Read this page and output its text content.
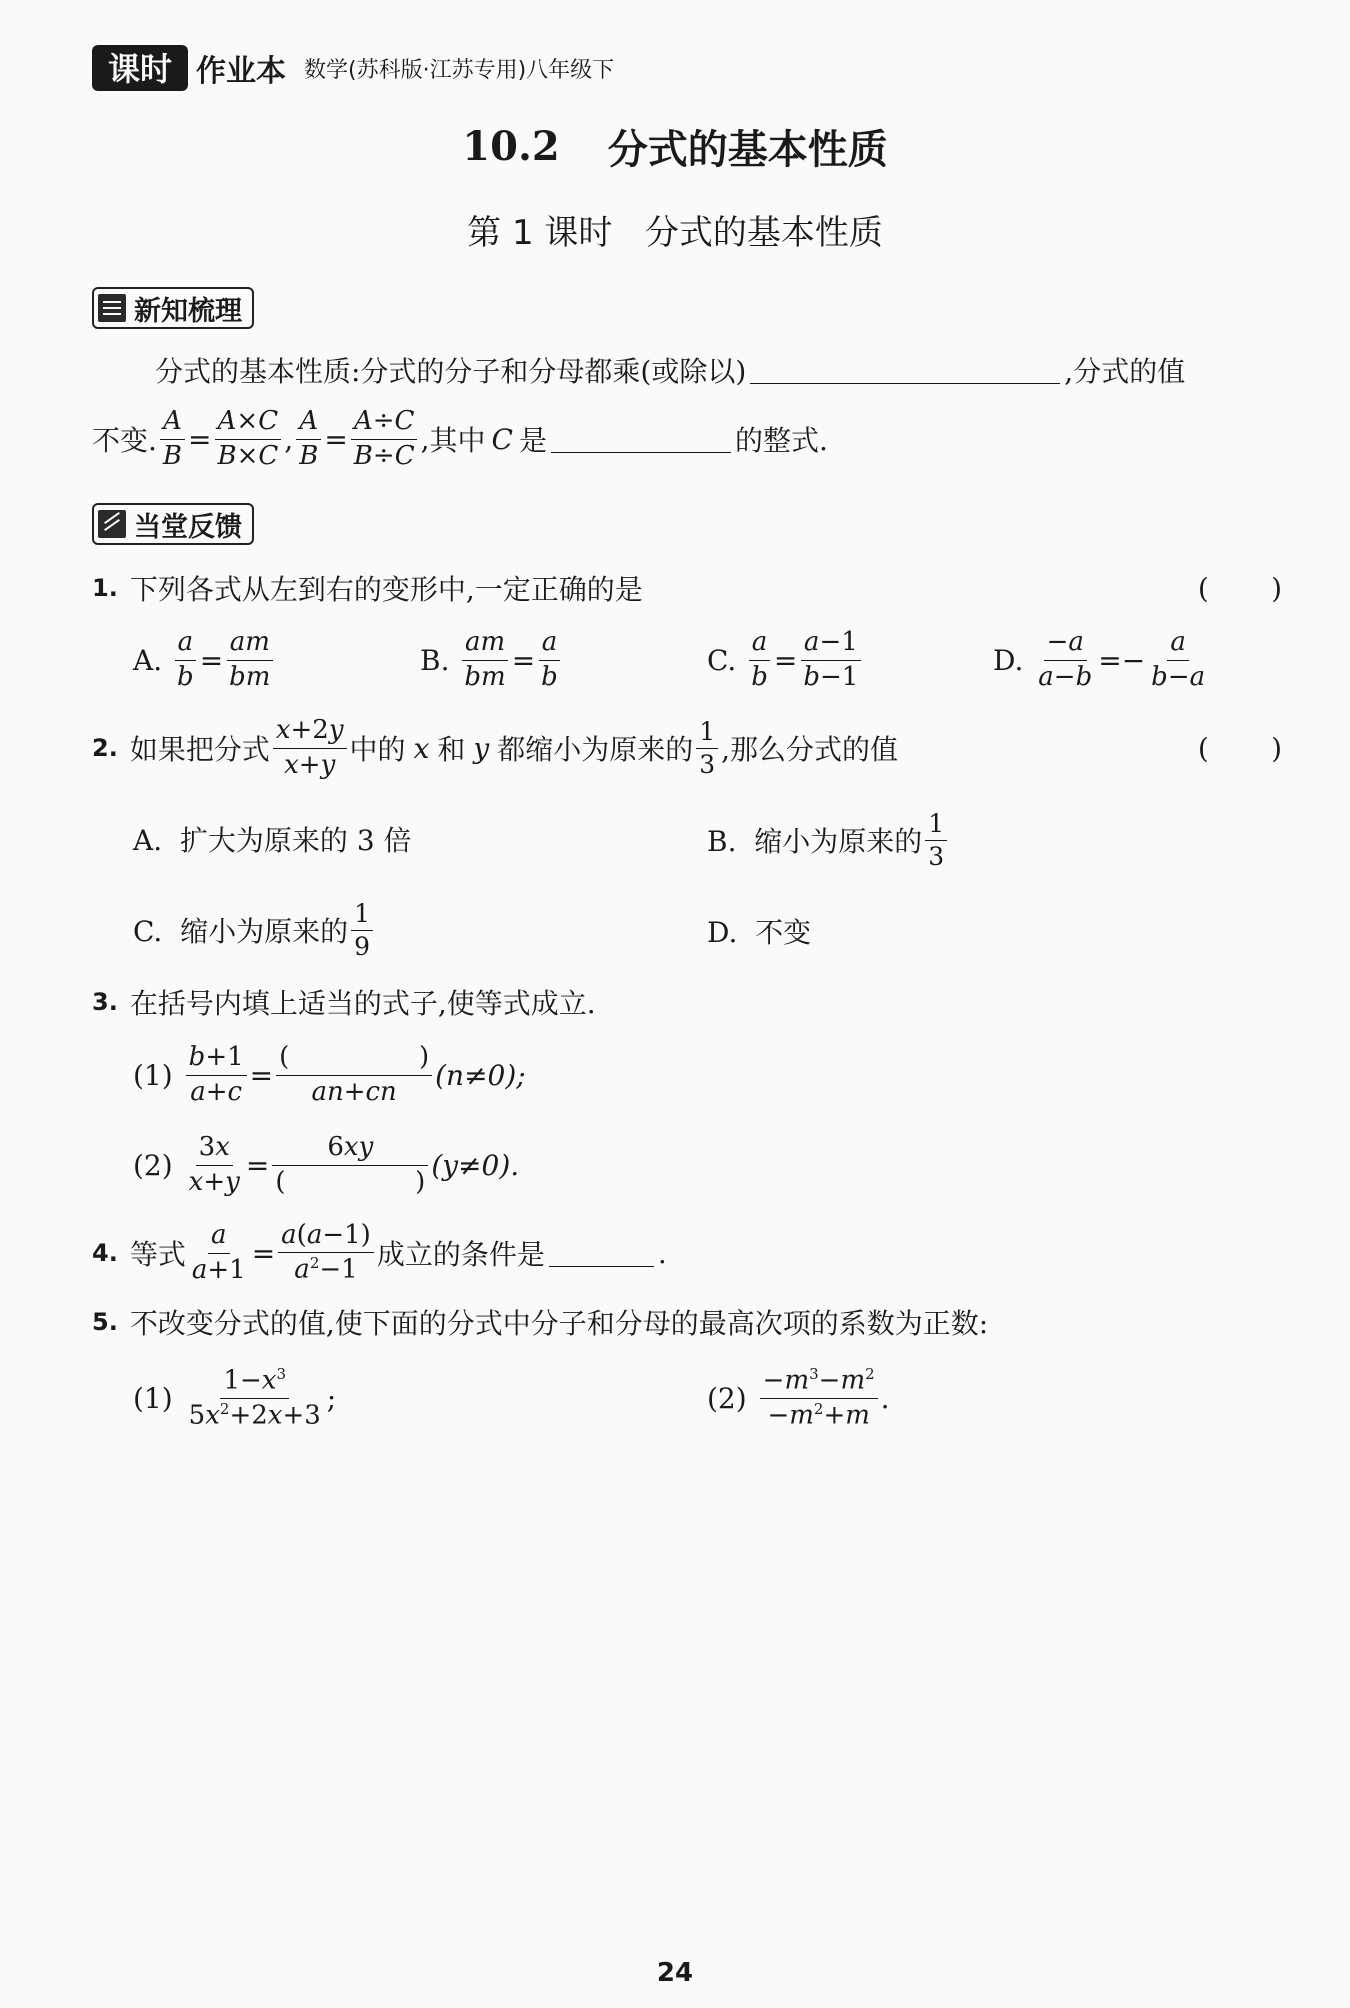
课时 作业本 数学(苏科版·江苏专用)八年级下
10.2 分式的基本性质
第 1 课时   分式的基本性质
新知梳理
分式的基本性质:分式的分子和分母都乘(或除以)	,分式的值
不变. $\frac{A}{B} = \frac{A\times C}{B\times C}$ , $\frac{A}{B} = \frac{A\div C}{B\div C}$ , 其中 C 是	的整式.
当堂反馈
1. 下列各式从左到右的变形中,一定正确的是	(       )
A.
$\frac{a}{b} = \frac{am}{bm}$	B.
$\frac{am}{bm} = \frac{a}{b}$	C.
$\frac{a}{b} = \frac{a-1}{b-1}$	D.
$\frac{-a}{a-b} =- \frac{a}{b-a}$
2. 如果把分式 $\frac{x+2y}{x+y}$ 中的 x 和 y 都缩小为原来的 $\frac{1}{3}$ ,那么分式的值	(       )
A.  扩大为原来的 3 倍	B.  缩小为原来的 $\frac{1}{3}$
C.  缩小为原来的 $\frac{1}{9}$	D.  不变
3. 在括号内填上适当的式子,使等式成立.
$(1) \frac{b+1}{a+c}$ = (	)
an+cn (n≠0);
$(2) \frac{3x}{x+y} = 6xy$
(	) (y≠0).
4. 等式 $\frac{a}{a+1} = \frac{a(a-1)}{a^2-1}$ 成立的条件是	.
5. 不改变分式的值,使下面的分式中分子和分母的最高次项的系数为正数:
$(1) \frac{1-x^3}{5x^2+2x+3}$ ;	$(2) \frac{-m^3-m^2}{-m^2+m}$ .
24
